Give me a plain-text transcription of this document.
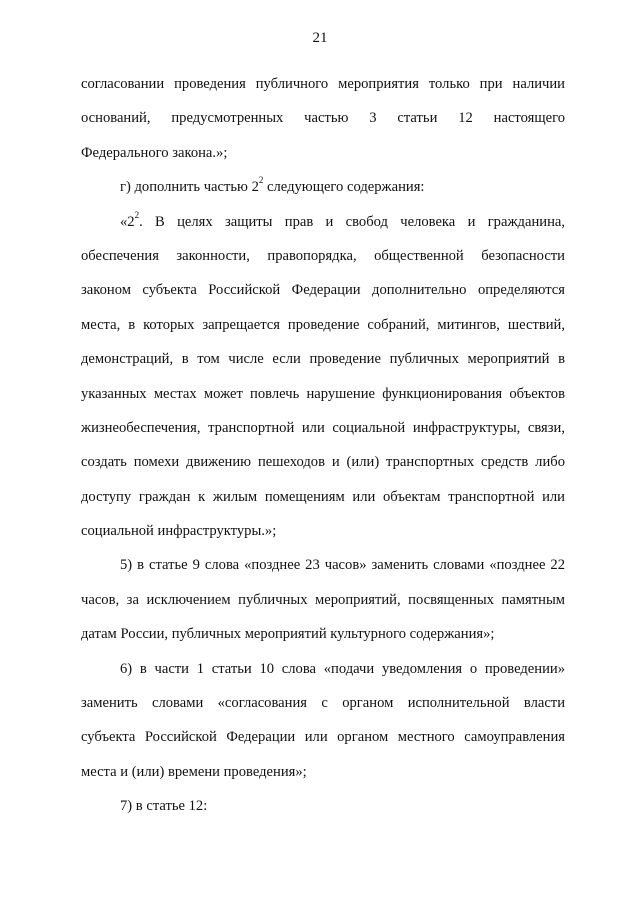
21
согласовании проведения публичного мероприятия только при наличии
оснований, предусмотренных частью 3 статьи 12 настоящего
Федерального закона.»;
г) дополнить частью $2^2$ следующего содержания:
«$2^2$. В целях защиты прав и свобод человека и гражданина,
обеспечения законности, правопорядка, общественной безопасности
законом субъекта Российской Федерации дополнительно определяются
места, в которых запрещается проведение собраний, митингов, шествий,
демонстраций, в том числе если проведение публичных мероприятий в
указанных местах может повлечь нарушение функционирования объектов
жизнеобеспечения, транспортной или социальной инфраструктуры, связи,
создать помехи движению пешеходов и (или) транспортных средств либо
доступу граждан к жилым помещениям или объектам транспортной или
социальной инфраструктуры.»;
5) в статье 9 слова «позднее 23 часов» заменить словами «позднее 22
часов, за исключением публичных мероприятий, посвященных памятным
датам России, публичных мероприятий культурного содержания»;
6) в части 1 статьи 10 слова «подачи уведомления о проведении»
заменить словами «согласования с органом исполнительной власти
субъекта Российской Федерации или органом местного самоуправления
места и (или) времени проведения»;
7) в статье 12:
